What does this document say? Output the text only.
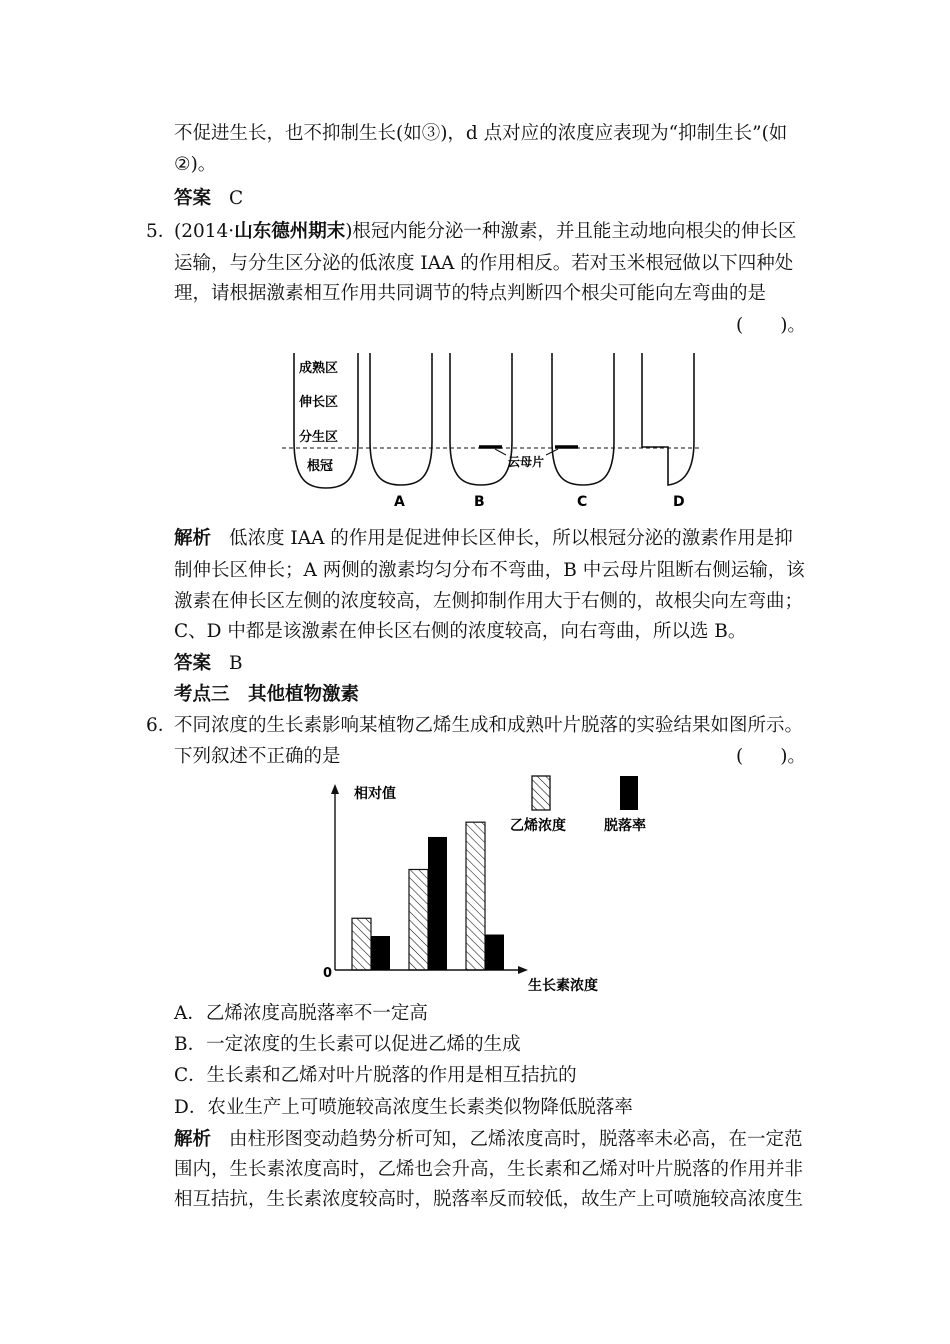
不促进生长，也不抑制生长(如③)，d 点对应的浓度应表现为“抑制生长”(如
②)。
答案 C
5．
(2014·山东德州期末)根冠内能分泌一种激素，并且能主动地向根尖的伸长区
运输，与分生区分泌的低浓度 IAA 的作用相反。若对玉米根冠做以下四种处
理，请根据激素相互作用共同调节的特点判断四个根尖可能向左弯曲的是
(　　)。
云母片
成熟区
伸长区
分生区
根冠
A	B	C	D
解析 低浓度 IAA 的作用是促进伸长区伸长，所以根冠分泌的激素作用是抑
制伸长区伸长；A 两侧的激素均匀分布不弯曲，B 中云母片阻断右侧运输，该
激素在伸长区左侧的浓度较高，左侧抑制作用大于右侧的，故根尖向左弯曲；
C、D 中都是该激素在伸长区右侧的浓度较高，向右弯曲，所以选 B。
答案 B
考点三　其他植物激素
6．
不同浓度的生长素影响某植物乙烯生成和成熟叶片脱落的实验结果如图所示。
下列叙述不正确的是	(　　)。
相对值
生长素浓度
0
乙烯浓度	脱落率
A．乙烯浓度高脱落率不一定高
B．一定浓度的生长素可以促进乙烯的生成
C．生长素和乙烯对叶片脱落的作用是相互拮抗的
D．农业生产上可喷施较高浓度生长素类似物降低脱落率
解析 由柱形图变动趋势分析可知，乙烯浓度高时，脱落率未必高，在一定范
围内，生长素浓度高时，乙烯也会升高，生长素和乙烯对叶片脱落的作用并非
相互拮抗，生长素浓度较高时，脱落率反而较低，故生产上可喷施较高浓度生
